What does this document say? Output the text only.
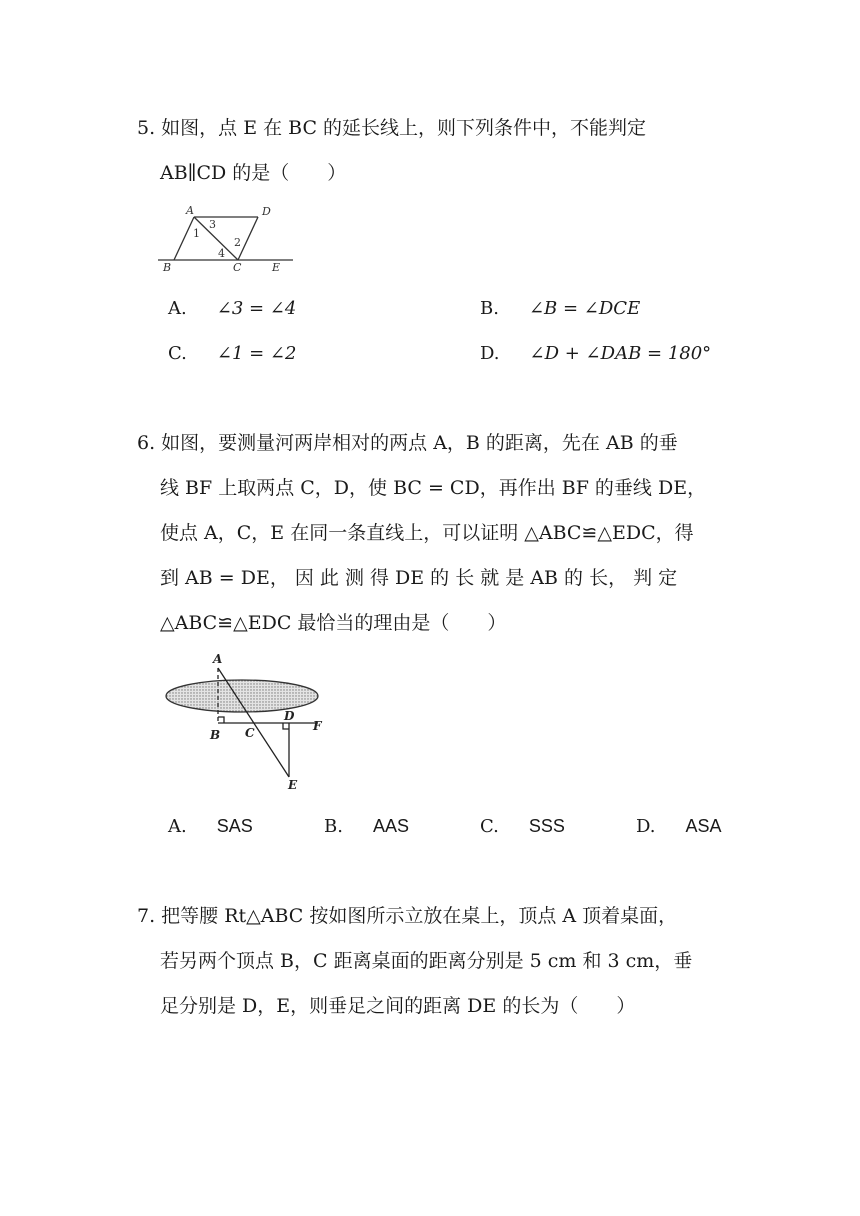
5. 如图，点 E 在 BC 的延长线上，则下列条件中，不能判定
AB∥CD 的是（　　）
A	D
3
1
2
4
B	C	E
A. ∠3 = ∠4	B. ∠B = ∠DCE
C. ∠1 = ∠2	D. ∠D + ∠DAB = 180°
6. 如图，要测量河两岸相对的两点 A，B 的距离，先在 AB 的垂
线 BF 上取两点 C，D，使 BC = CD，再作出 BF 的垂线 DE，
使点 A，C，E 在同一条直线上，可以证明 △ABC≌△EDC，得
到 AB = DE， 因 此 测 得 DE 的 长 就 是 AB 的 长， 判 定
△ABC≌△EDC 最恰当的理由是（　　）
A
B C
D
F
E
A. SAS	B. AAS	C. SSS	D. ASA
7. 把等腰 Rt△ABC 按如图所示立放在桌上，顶点 A 顶着桌面，
若另两个顶点 B，C 距离桌面的距离分别是 5 cm 和 3 cm，垂
足分别是 D，E，则垂足之间的距离 DE 的长为（　　）
